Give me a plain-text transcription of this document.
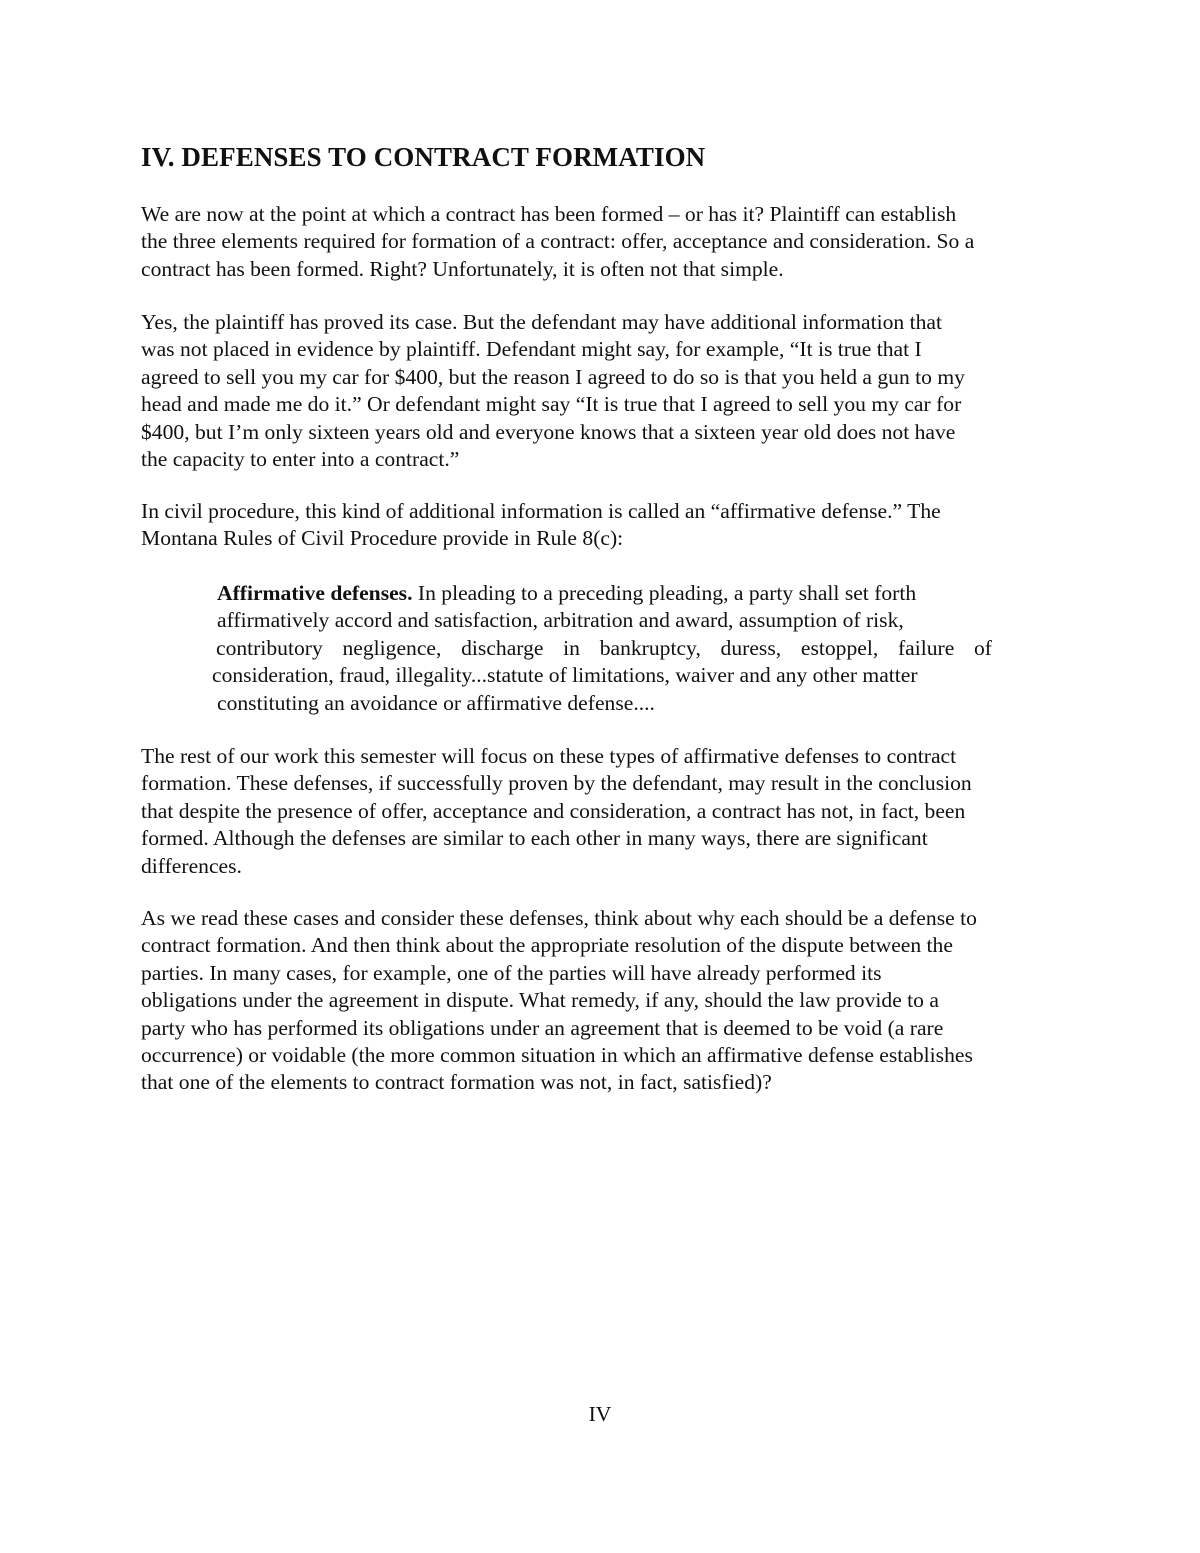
IV. DEFENSES TO CONTRACT FORMATION

We are now at the point at which a contract has been formed – or has it? Plaintiff can establish
the three elements required for formation of a contract: offer, acceptance and consideration. So a
contract has been formed. Right? Unfortunately, it is often not that simple.

Yes, the plaintiff has proved its case. But the defendant may have additional information that
was not placed in evidence by plaintiff. Defendant might say, for example, “It is true that I
agreed to sell you my car for $400, but the reason I agreed to do so is that you held a gun to my
head and made me do it.” Or defendant might say “It is true that I agreed to sell you my car for
$400, but I’m only sixteen years old and everyone knows that a sixteen year old does not have
the capacity to enter into a contract.”

In civil procedure, this kind of additional information is called an “affirmative defense.” The
Montana Rules of Civil Procedure provide in Rule 8(c):

Affirmative defenses. In pleading to a preceding pleading, a party shall set forth
affirmatively accord and satisfaction, arbitration and award, assumption of risk,
contributory negligence, discharge in bankruptcy, duress, estoppel, failure of
consideration, fraud, illegality...statute of limitations, waiver and any other matter
constituting an avoidance or affirmative defense....

The rest of our work this semester will focus on these types of affirmative defenses to contract
formation. These defenses, if successfully proven by the defendant, may result in the conclusion
that despite the presence of offer, acceptance and consideration, a contract has not, in fact, been
formed. Although the defenses are similar to each other in many ways, there are significant
differences.

As we read these cases and consider these defenses, think about why each should be a defense to
contract formation. And then think about the appropriate resolution of the dispute between the
parties. In many cases, for example, one of the parties will have already performed its
obligations under the agreement in dispute. What remedy, if any, should the law provide to a
party who has performed its obligations under an agreement that is deemed to be void (a rare
occurrence) or voidable (the more common situation in which an affirmative defense establishes
that one of the elements to contract formation was not, in fact, satisfied)?

IV
